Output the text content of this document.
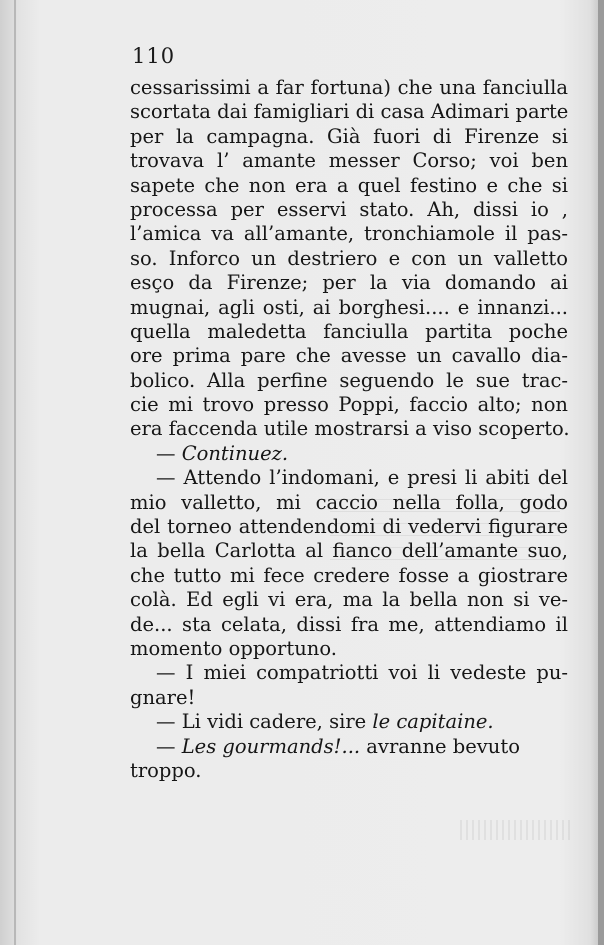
110
cessarissimi a far fortuna) che una fanciulla
scortata dai famigliari di casa Adimari parte
per la campagna. Già fuori di Firenze si
trovava l’ amante messer Corso; voi ben
sapete che non era a quel festino e che si
processa per esservi stato. Ah, dissi io ,
l’amica va all’amante, tronchiamole il pas-
so. Inforco un destriero e con un valletto
esço da Firenze; per la via domando ai
mugnai, agli osti, ai borghesi.... e innanzi...
quella maledetta fanciulla partita poche
ore prima pare che avesse un cavallo dia-
bolico. Alla perfine seguendo le sue trac-
cie mi trovo presso Poppi, faccio alto; non
era faccenda utile mostrarsi a viso scoperto.
— Continuez.
— Attendo l’indomani, e presi li abiti del
mio valletto, mi caccio nella folla, godo
del torneo attendendomi di vedervi figurare
la bella Carlotta al fianco dell’amante suo,
che tutto mi fece credere fosse a giostrare
colà. Ed egli vi era, ma la bella non si ve-
de... sta celata, dissi fra me, attendiamo il
momento opportuno.
— I miei compatriotti voi li vedeste pu-
gnare!
— Li vidi cadere, sire le capitaine.
— Les gourmands!... avranne bevuto
troppo.
